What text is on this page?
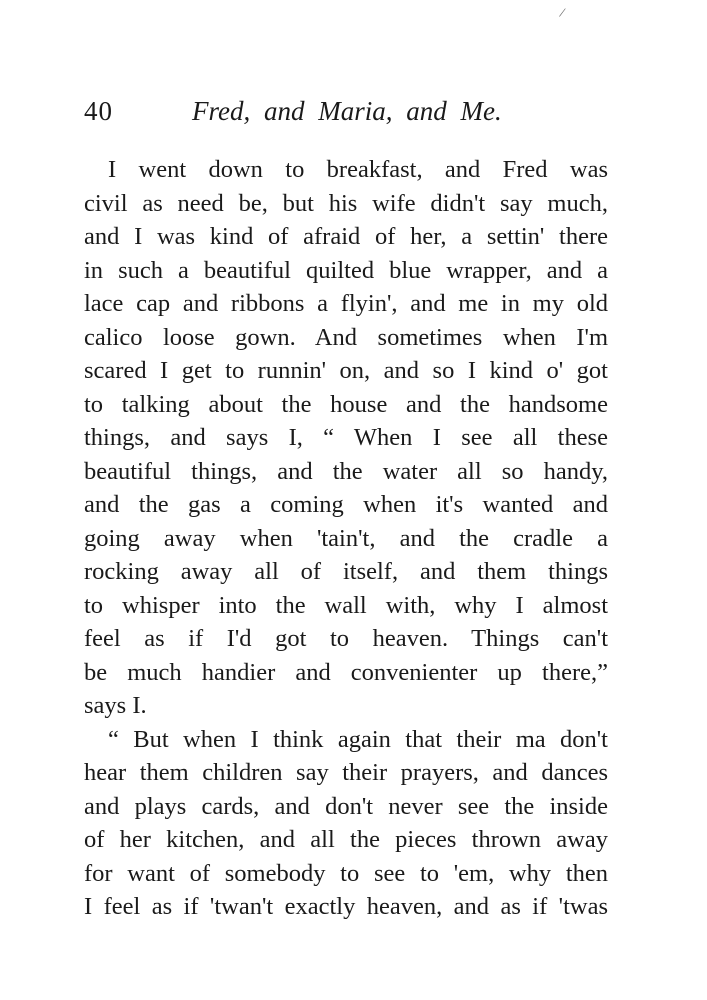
/
40	Fred, and Maria, and Me.
I went down to breakfast, and Fred was
civil as need be, but his wife didn't say much,
and I was kind of afraid of her, a settin' there
in such a beautiful quilted blue wrapper, and a
lace cap and ribbons a flyin', and me in my old
calico loose gown. And sometimes when I'm
scared I get to runnin' on, and so I kind o' got
to talking about the house and the handsome
things, and says I, “ When I see all these
beautiful things, and the water all so handy,
and the gas a coming when it's wanted and
going away when 'tain't, and the cradle a
rocking away all of itself, and them things
to whisper into the wall with, why I almost
feel as if I'd got to heaven. Things can't
be much handier and convenienter up there,”
says I.
“ But when I think again that their ma don't
hear them children say their prayers, and dances
and plays cards, and don't never see the inside
of her kitchen, and all the pieces thrown away
for want of somebody to see to 'em, why then
I feel as if 'twan't exactly heaven, and as if 'twas
